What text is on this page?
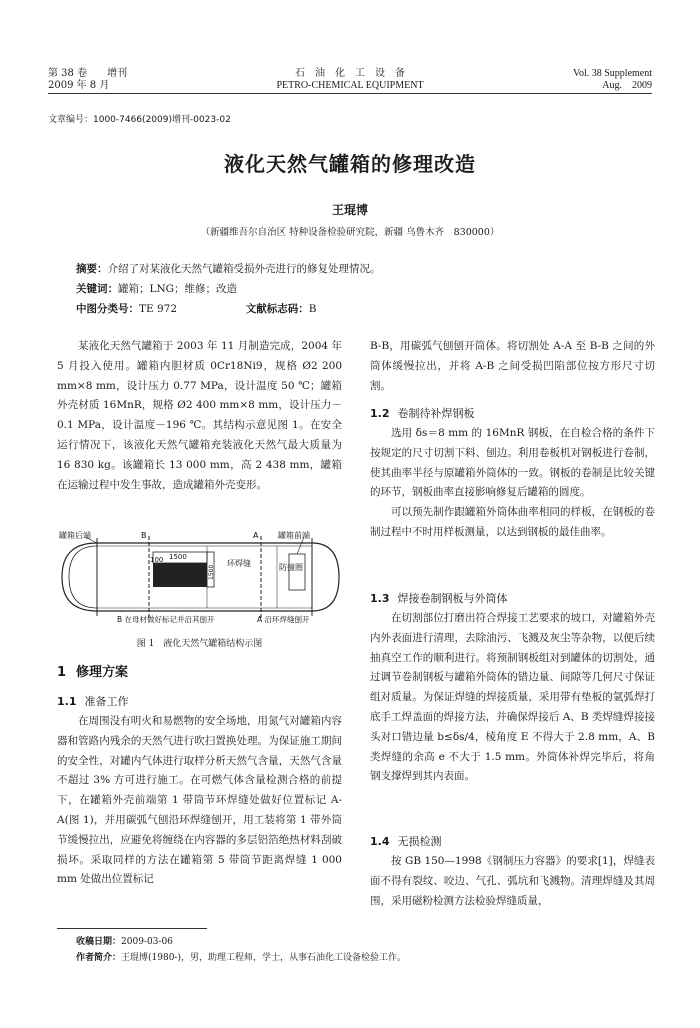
第 38 卷　　增刊
2009 年 8 月
石　油　化　工　设　备
PETRO-CHEMICAL EQUIPMENT
Vol. 38 Supplement
Aug.　2009
文章编号：1000-7466(2009)增刊-0023-02
液化天然气罐箱的修理改造
王琨博
（新疆维吾尔自治区 特种设备检验研究院，新疆 乌鲁木齐　830000）
摘要：介绍了对某液化天然气罐箱受损外壳进行的修复处理情况。
关键词：罐箱；LNG；维修；改造
中图分类号：TE 972	文献标志码：B

某液化天然气罐箱于 2003 年 11 月制造完成，2004 年 5 月投入使用。罐箱内胆材质 0Cr18Ni9，规格 Ø2 200 mm×8 mm，设计压力 0.77 MPa，设计温度 50 ℃；罐箱外壳材质 16MnR，规格 Ø2 400 mm×8 mm，设计压力－0.1 MPa，设计温度－196 ℃。其结构示意见图 1。在安全运行情况下，该液化天然气罐箱充装液化天然气最大质量为 16 830 kg。该罐箱长 13 000 mm，高 2 438 mm，罐箱在运输过程中发生事故，造成罐箱外壳变形。

罐箱后端	B	A 罐箱前端
100 1500
1500
环焊缝	防撞圈
B 在母材做好标记并沿其刨开	A 沿环焊缝刨开
图 1　液化天然气罐箱结构示图
1 修理方案
1.1 准备工作

在周围没有明火和易燃物的安全场地，用氮气对罐箱内容器和管路内残余的天然气进行吹扫置换处理。为保证施工期间的安全性，对罐内气体进行取样分析天然气含量，天然气含量不超过 3% 方可进行施工。在可燃气体含量检测合格的前提下，在罐箱外壳前端第 1 带筒节环焊缝处做好位置标记 A-A(图 1)，并用碳弧气刨沿环焊缝刨开，用工装将第 1 带外筒节缓慢拉出，应避免将缠绕在内容器的多层铝箔绝热材料刮破损坏。采取同样的方法在罐箱第 5 带筒节距离焊缝 1 000 mm 处做出位置标记

B-B，用碳弧气刨刨开筒体。将切割处 A-A 至 B-B 之间的外筒体缓慢拉出，并将 A-B 之间受损凹陷部位按方形尺寸切割。

1.2 卷制待补焊钢板

选用 δs＝8 mm 的 16MnR 钢板，在自检合格的条件下按规定的尺寸切割下料、刨边。利用卷板机对钢板进行卷制，使其曲率半径与原罐箱外筒体的一致。钢板的卷制是比较关键的环节，钢板曲率直接影响修复后罐箱的圆度。

可以预先制作跟罐箱外筒体曲率相同的样板，在钢板的卷制过程中不时用样板测量，以达到钢板的最佳曲率。

1.3 焊接卷制钢板与外筒体

在切割部位打磨出符合焊接工艺要求的坡口，对罐箱外壳内外表面进行清理，去除油污、飞溅及灰尘等杂物，以便后续抽真空工作的顺利进行。将预制钢板组对到罐体的切割处，通过调节卷制钢板与罐箱外筒体的错边量、间隙等几何尺寸保证组对质量。为保证焊缝的焊接质量，采用带有垫板的氩弧焊打底手工焊盖面的焊接方法，并确保焊接后 A、B 类焊缝焊接接头对口错边量 b≤δs/4，棱角度 E 不得大于 2.8 mm，A、B 类焊缝的余高 e 不大于 1.5 mm。外筒体补焊完毕后，将角钢支撑焊到其内表面。

1.4 无损检测

按 GB 150—1998《钢制压力容器》的要求[1]，焊缝表面不得有裂纹、咬边、气孔、弧坑和飞溅物。清理焊缝及其周围，采用磁粉检测方法检验焊缝质量，

收稿日期：2009-03-06
作者简介：王琨博(1980-)，男，助理工程师，学士，从事石油化工设备检验工作。
